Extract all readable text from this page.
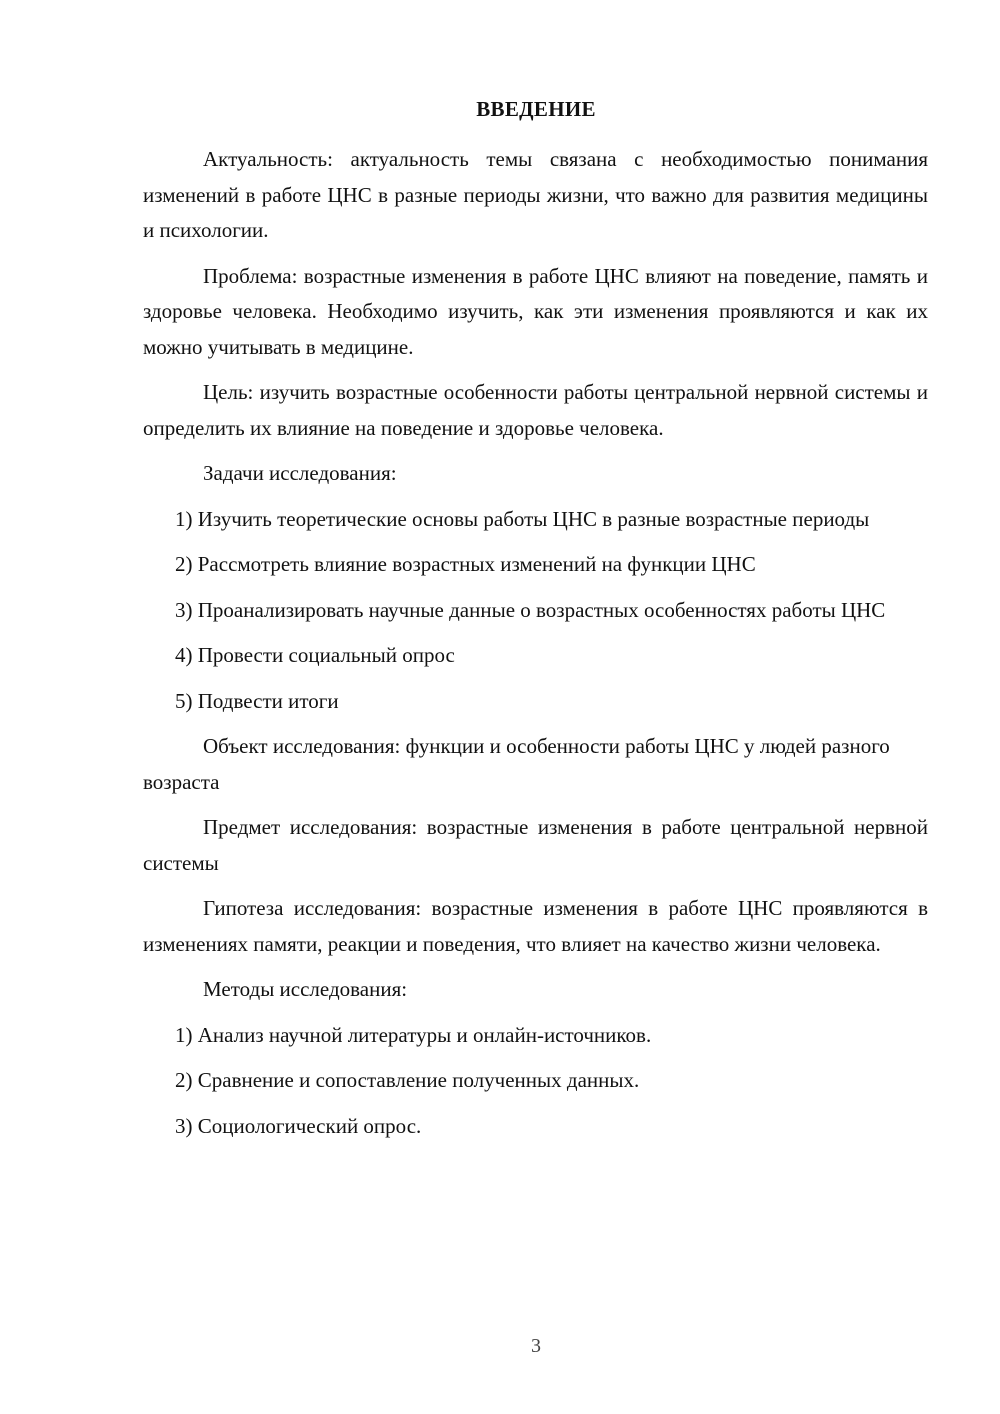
ВВЕДЕНИЕ

Актуальность: актуальность темы связана с необходимостью понимания изменений в работе ЦНС в разные периоды жизни, что важно для развития медицины и психологии.

Проблема: возрастные изменения в работе ЦНС влияют на поведение, память и здоровье человека. Необходимо изучить, как эти изменения проявляются и как их можно учитывать в медицине.

Цель: изучить возрастные особенности работы центральной нервной системы и определить их влияние на поведение и здоровье человека.

Задачи исследования:

1) Изучить теоретические основы работы ЦНС в разные возрастные периоды

2) Рассмотреть влияние возрастных изменений на функции ЦНС

3) Проанализировать научные данные о возрастных особенностях работы ЦНС

4) Провести социальный опрос

5) Подвести итоги

Объект исследования: функции и особенности работы ЦНС у людей разного возраста

Предмет исследования: возрастные изменения в работе центральной нервной системы

Гипотеза исследования: возрастные изменения в работе ЦНС проявляются в изменениях памяти, реакции и поведения, что влияет на качество жизни человека.

Методы исследования:

1) Анализ научной литературы и онлайн-источников.

2) Сравнение и сопоставление полученных данных.

3) Социологический опрос.

3
